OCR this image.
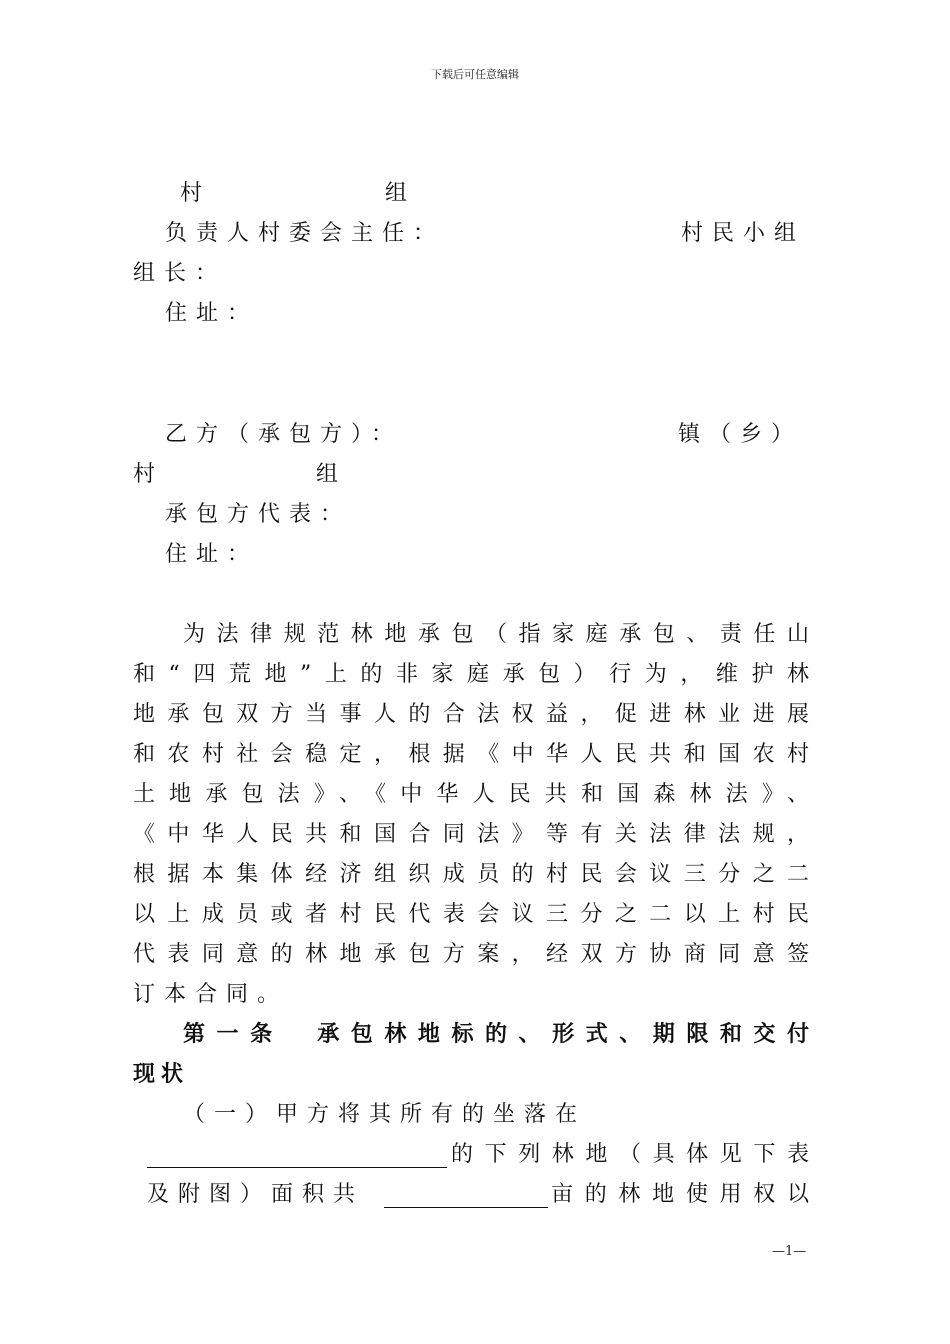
下载后可任意编辑
村	组
负责人村委会主任：	村民小组
组长：
住址：
乙方（承包方）：	镇（乡）
村	组
承包方代表：
住址：
为法律规范林地承包（指家庭承包、责任山
和“四荒地”上的非家庭承包）行为，维护林
地承包双方当事人的合法权益，促进林业进展
和农村社会稳定，根据《中华人民共和国农村
土地承包法》、《中华人民共和国森林法》、
《中华人民共和国合同法》等有关法律法规，
根据本集体经济组织成员的村民会议三分之二
以上成员或者村民代表会议三分之二以上村民
代表同意的林地承包方案，经双方协商同意签
订本合同。
第一条　承包林地标的、形式、期限和交付
现状
（一）甲方将其所有的坐落在
的下列林地（具体见下表
及附图）面积共	亩的林地使用权以
—1—
